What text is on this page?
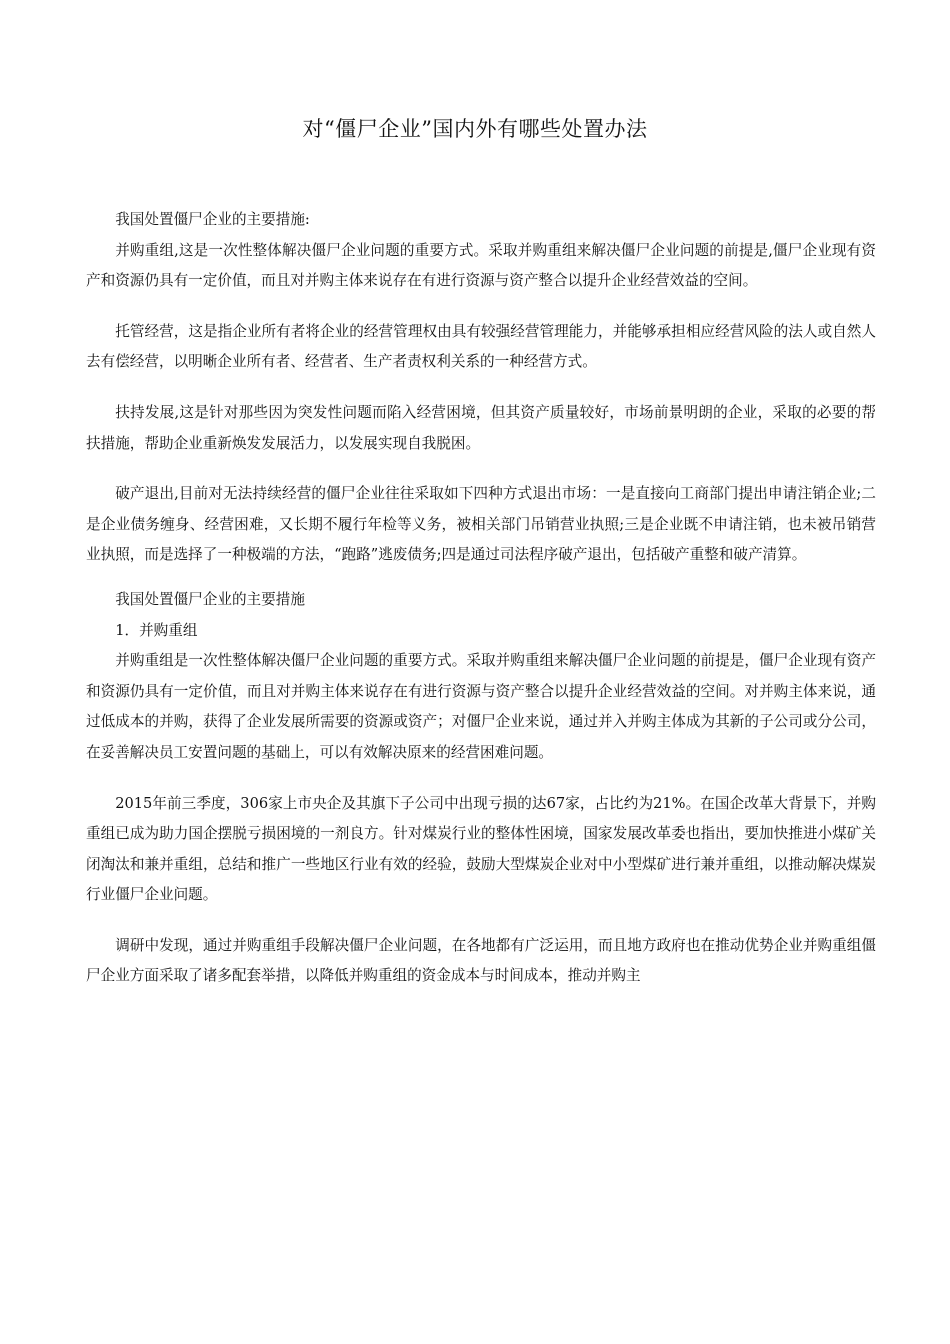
对“僵尸企业”国内外有哪些处置办法

我国处置僵尸企业的主要措施:

并购重组,这是一次性整体解决僵尸企业问题的重要方式。采取并购重组来解决僵尸企业问题的前提是,僵尸企业现有资产和资源仍具有一定价值，而且对并购主体来说存在有进行资源与资产整合以提升企业经营效益的空间。

托管经营，这是指企业所有者将企业的经营管理权由具有较强经营管理能力，并能够承担相应经营风险的法人或自然人去有偿经营，以明晰企业所有者、经营者、生产者责权利关系的一种经营方式。

扶持发展,这是针对那些因为突发性问题而陷入经营困境，但其资产质量较好，市场前景明朗的企业，采取的必要的帮扶措施，帮助企业重新焕发发展活力，以发展实现自我脱困。

破产退出,目前对无法持续经营的僵尸企业往往采取如下四种方式退出市场：一是直接向工商部门提出申请注销企业;二是企业债务缠身、经营困难，又长期不履行年检等义务，被相关部门吊销营业执照;三是企业既不申请注销，也未被吊销营业执照，而是选择了一种极端的方法，“跑路”逃废债务;四是通过司法程序破产退出，包括破产重整和破产清算。

我国处置僵尸企业的主要措施

1．并购重组

并购重组是一次性整体解决僵尸企业问题的重要方式。采取并购重组来解决僵尸企业问题的前提是，僵尸企业现有资产和资源仍具有一定价值，而且对并购主体来说存在有进行资源与资产整合以提升企业经营效益的空间。对并购主体来说，通过低成本的并购，获得了企业发展所需要的资源或资产；对僵尸企业来说，通过并入并购主体成为其新的子公司或分公司，在妥善解决员工安置问题的基础上，可以有效解决原来的经营困难问题。

2015年前三季度，306家上市央企及其旗下子公司中出现亏损的达67家，占比约为21%。在国企改革大背景下，并购重组已成为助力国企摆脱亏损困境的一剂良方。针对煤炭行业的整体性困境，国家发展改革委也指出，要加快推进小煤矿关闭淘汰和兼并重组，总结和推广一些地区行业有效的经验，鼓励大型煤炭企业对中小型煤矿进行兼并重组，以推动解决煤炭行业僵尸企业问题。

调研中发现，通过并购重组手段解决僵尸企业问题，在各地都有广泛运用，而且地方政府也在推动优势企业并购重组僵尸企业方面采取了诸多配套举措，以降低并购重组的资金成本与时间成本，推动并购主
